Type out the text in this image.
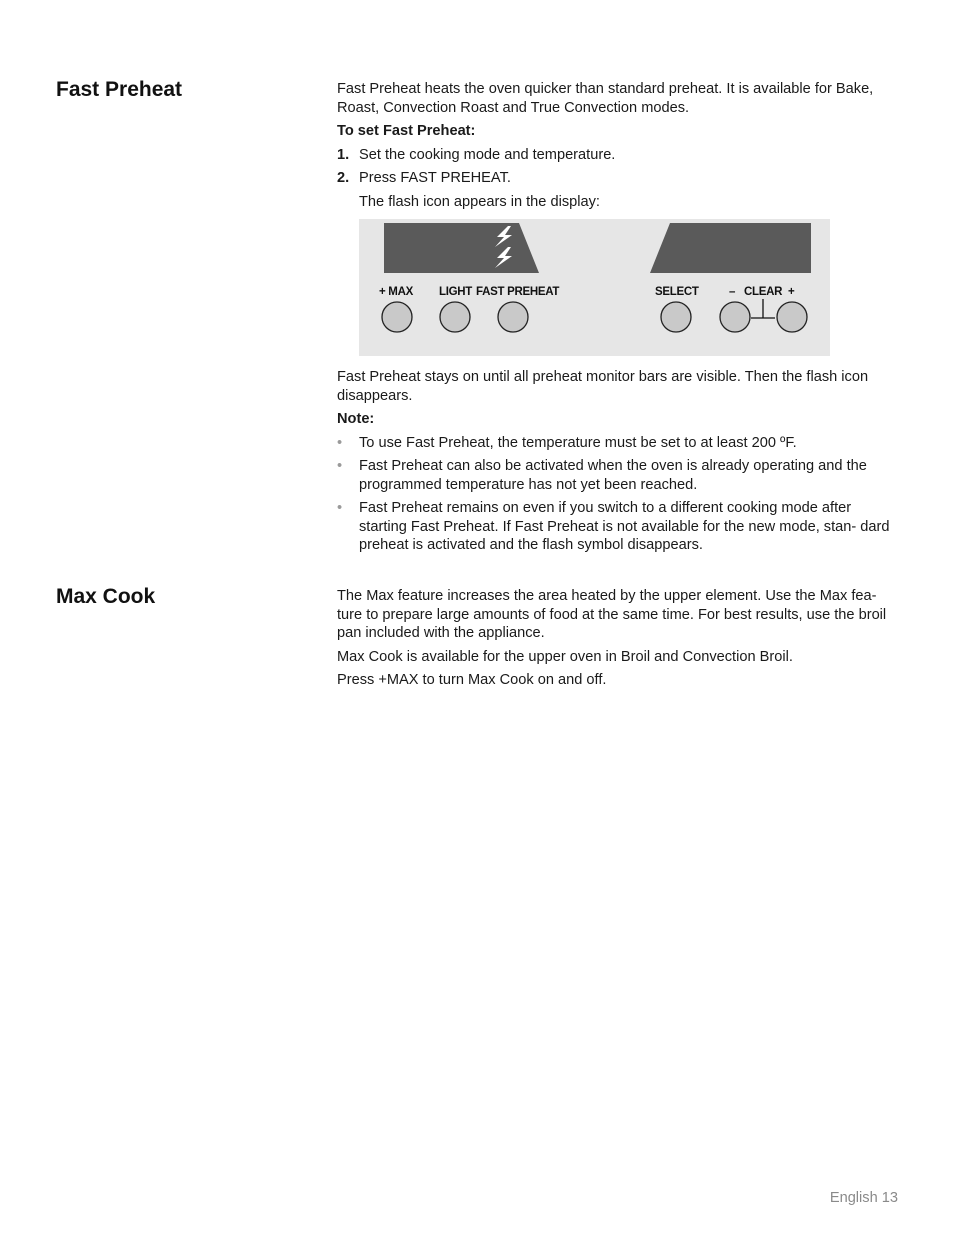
Fast Preheat	Fast Preheat heats the oven quicker than standard preheat. It is available for Bake, Roast, Convection Roast and True Convection modes.

To set Fast Preheat:

1. Set the cooking mode and temperature.
2. Press FAST PREHEAT.

The flash icon appears in the display:

+ MAX LIGHT FAST PREHEAT	SELECT	– CLEAR +

Fast Preheat stays on until all preheat monitor bars are visible. Then the flash icon disappears.

Note:

• To use Fast Preheat, the temperature must be set to at least 200 ºF.
• Fast Preheat can also be activated when the oven is already operating and the programmed temperature has not yet been reached.
• Fast Preheat remains on even if you switch to a different cooking mode after starting Fast Preheat. If Fast Preheat is not available for the new mode, stan- dard preheat is activated and the flash symbol disappears.
Max Cook	The Max feature increases the area heated by the upper element. Use the Max fea- ture to prepare large amounts of food at the same time. For best results, use the broil pan included with the appliance.

Max Cook is available for the upper oven in Broil and Convection Broil.

Press +MAX to turn Max Cook on and off.

English 13
